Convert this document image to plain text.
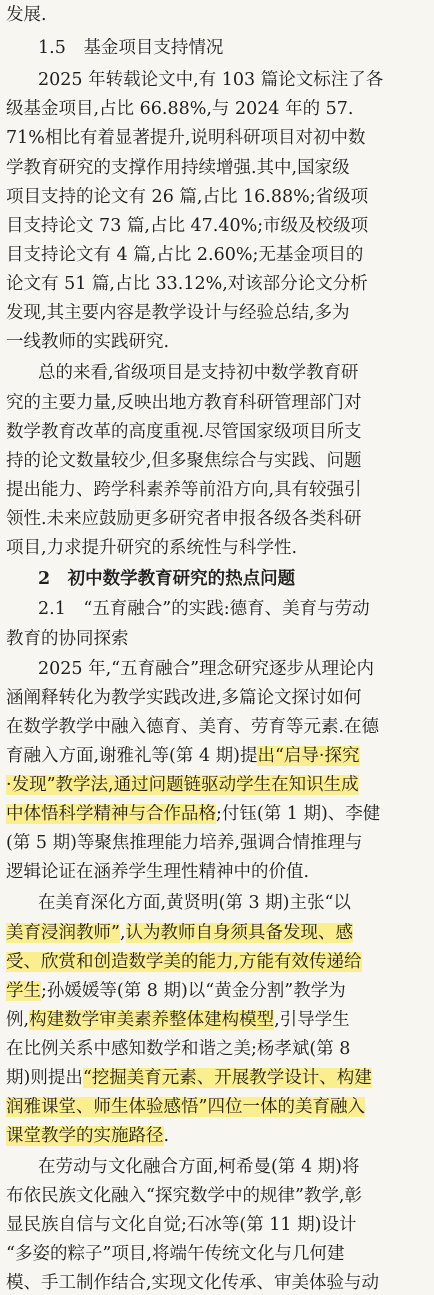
发展.
1.5　基金项目支持情况
2025 年转载论文中,有 103 篇论文标注了各
级基金项目,占比 66.88%,与 2024 年的 57.
71%相比有着显著提升,说明科研项目对初中数
学教育研究的支撑作用持续增强.其中,国家级
项目支持的论文有 26 篇,占比 16.88%;省级项
目支持论文 73 篇,占比 47.40%;市级及校级项
目支持论文有 4 篇,占比 2.60%;无基金项目的
论文有 51 篇,占比 33.12%,对该部分论文分析
发现,其主要内容是教学设计与经验总结,多为
一线教师的实践研究.
总的来看,省级项目是支持初中数学教育研
究的主要力量,反映出地方教育科研管理部门对
数学教育改革的高度重视.尽管国家级项目所支
持的论文数量较少,但多聚焦综合与实践、问题
提出能力、跨学科素养等前沿方向,具有较强引
领性.未来应鼓励更多研究者申报各级各类科研
项目,力求提升研究的系统性与科学性.
2　初中数学教育研究的热点问题
2.1　“五育融合”的实践:德育、美育与劳动
教育的协同探索
2025 年,“五育融合”理念研究逐步从理论内
涵阐释转化为教学实践改进,多篇论文探讨如何
在数学教学中融入德育、美育、劳育等元素.在德
育融入方面,谢雅礼等(第 4 期)提出“启导·探究
·发现”教学法,通过问题链驱动学生在知识生成
中体悟科学精神与合作品格;付钰(第 1 期)、李健
(第 5 期)等聚焦推理能力培养,强调合情推理与
逻辑论证在涵养学生理性精神中的价值.
在美育深化方面,黄贤明(第 3 期)主张“以
美育浸润教师”,认为教师自身须具备发现、感
受、欣赏和创造数学美的能力,方能有效传递给
学生;孙媛媛等(第 8 期)以“黄金分割”教学为
例,构建数学审美素养整体建构模型,引导学生
在比例关系中感知数学和谐之美;杨孝斌(第 8
期)则提出“挖掘美育元素、开展教学设计、构建
润雅课堂、师生体验感悟”四位一体的美育融入
课堂教学的实施路径.
在劳动与文化融合方面,柯希曼(第 4 期)将
布依民族文化融入“探究数学中的规律”教学,彰
显民族自信与文化自觉;石冰等(第 11 期)设计
“多姿的粽子”项目,将端午传统文化与几何建
模、手工制作结合,实现文化传承、审美体验与动
